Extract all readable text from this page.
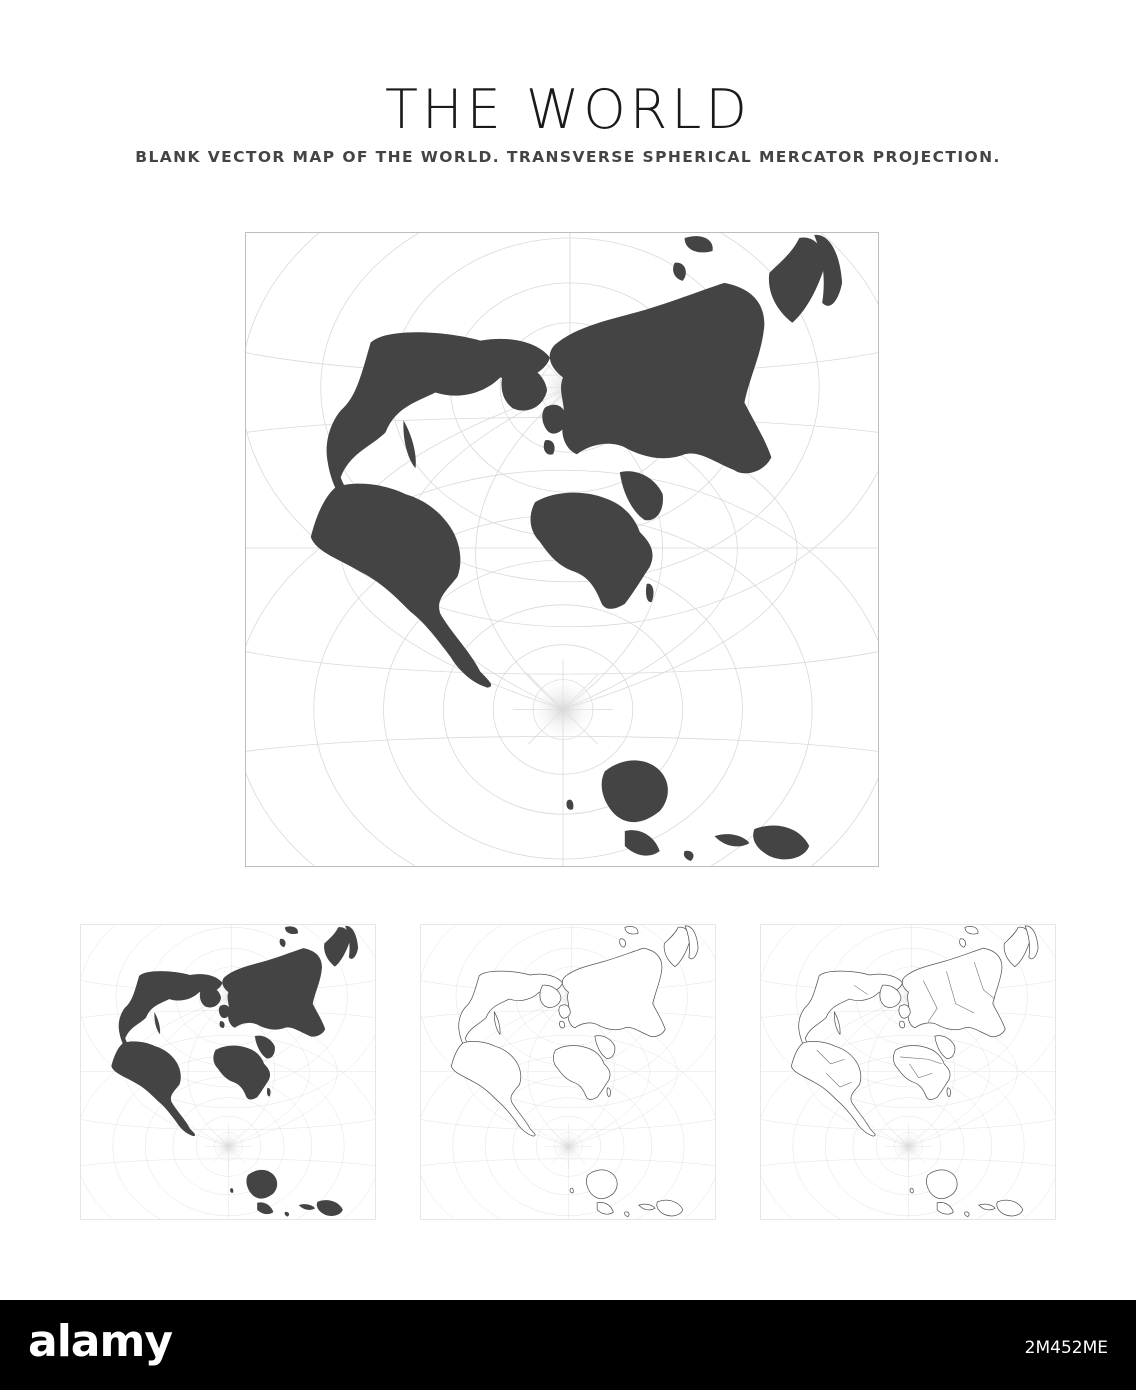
THE WORLD
BLANK VECTOR MAP OF THE WORLD. TRANSVERSE SPHERICAL MERCATOR PROJECTION.
alamy	2M452ME
